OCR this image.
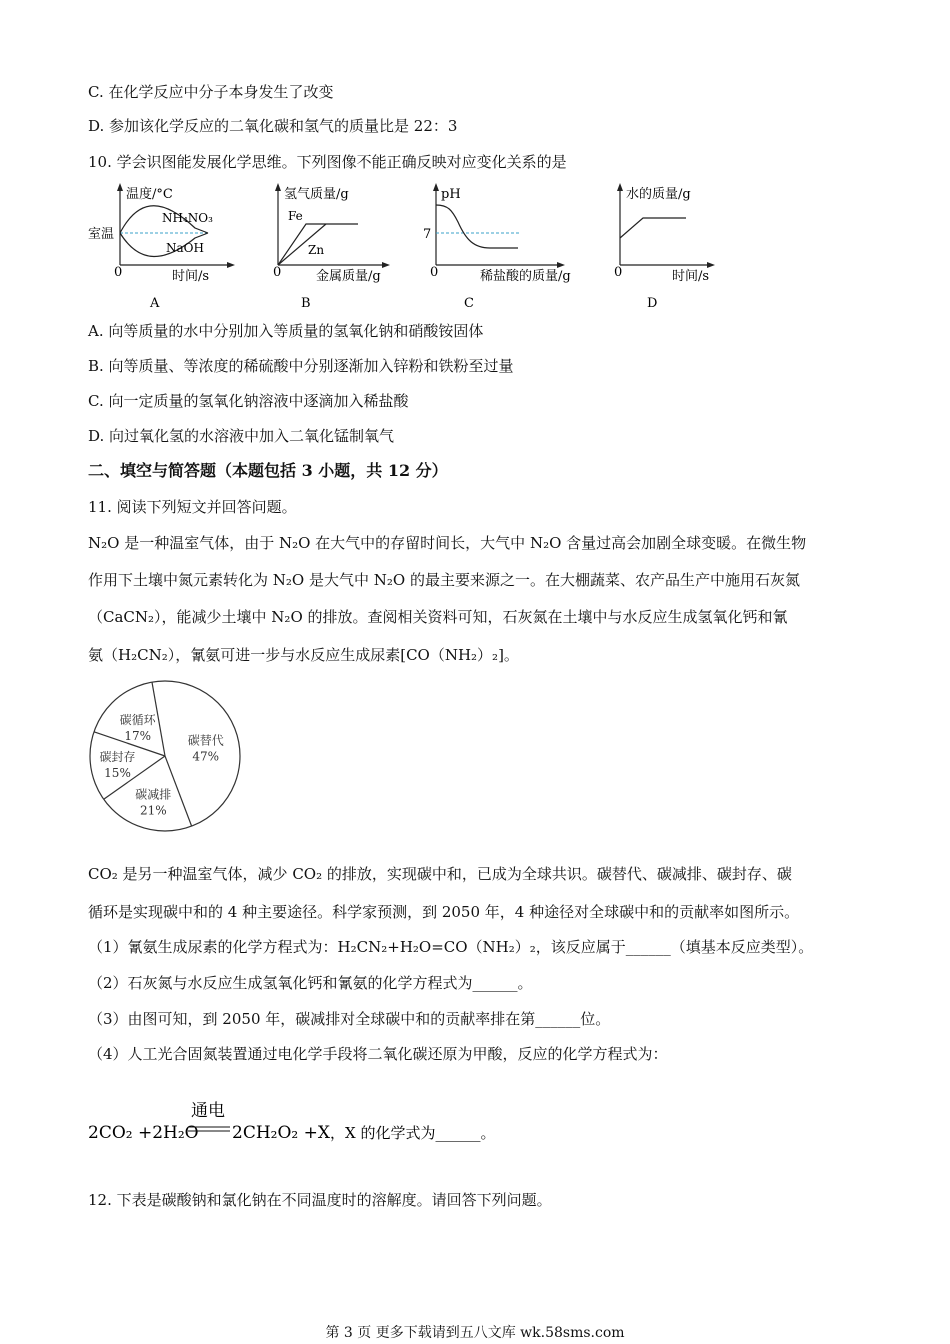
C. 在化学反应中分子本身发生了改变
D. 参加该化学反应的二氧化碳和氢气的质量比是 22：3
10. 学会识图能发展化学思维。下列图像不能正确反映对应变化关系的是
温度/°C
室温
NH₄NO₃
NaOH
0	时间/s
A
氢气质量/g
Fe
Zn
0	金属质量/g
B
pH
7
0	稀盐酸的质量/g
C
水的质量/g
0	时间/s
D
A. 向等质量的水中分别加入等质量的氢氧化钠和硝酸铵固体
B. 向等质量、等浓度的稀硫酸中分别逐渐加入锌粉和铁粉至过量
C. 向一定质量的氢氧化钠溶液中逐滴加入稀盐酸
D. 向过氧化氢的水溶液中加入二氧化锰制氧气
二、填空与简答题（本题包括 3 小题，共 12 分）
11. 阅读下列短文并回答问题。
N₂O 是一种温室气体，由于 N₂O 在大气中的存留时间长，大气中 N₂O 含量过高会加剧全球变暖。在微生物
作用下土壤中氮元素转化为 N₂O 是大气中 N₂O 的最主要来源之一。在大棚蔬菜、农产品生产中施用石灰氮
（CaCN₂），能减少土壤中 N₂O 的排放。查阅相关资料可知，石灰氮在土壤中与水反应生成氢氧化钙和氰
氨（H₂CN₂），氰氨可进一步与水反应生成尿素[CO（NH₂）₂]。
碳替代
47%
碳减排
21%
碳封存
15%
碳循环
17%
CO₂ 是另一种温室气体，减少 CO₂ 的排放，实现碳中和，已成为全球共识。碳替代、碳减排、碳封存、碳
循环是实现碳中和的 4 种主要途径。科学家预测，到 2050 年，4 种途径对全球碳中和的贡献率如图所示。
（1）氰氨生成尿素的化学方程式为：H₂CN₂+H₂O=CO（NH₂）₂，该反应属于______（填基本反应类型）。
（2）石灰氮与水反应生成氢氧化钙和氰氨的化学方程式为______。
（3）由图可知，到 2050 年，碳减排对全球碳中和的贡献率排在第______位。
（4）人工光合固氮装置通过电化学手段将二氧化碳还原为甲酸，反应的化学方程式为：
2CO₂ +2H₂O
通电
2CH₂O₂ +X ，X 的化学式为______。
12. 下表是碳酸钠和氯化钠在不同温度时的溶解度。请回答下列问题。
第 3 页 更多下载请到五八文库 wk.58sms.com
